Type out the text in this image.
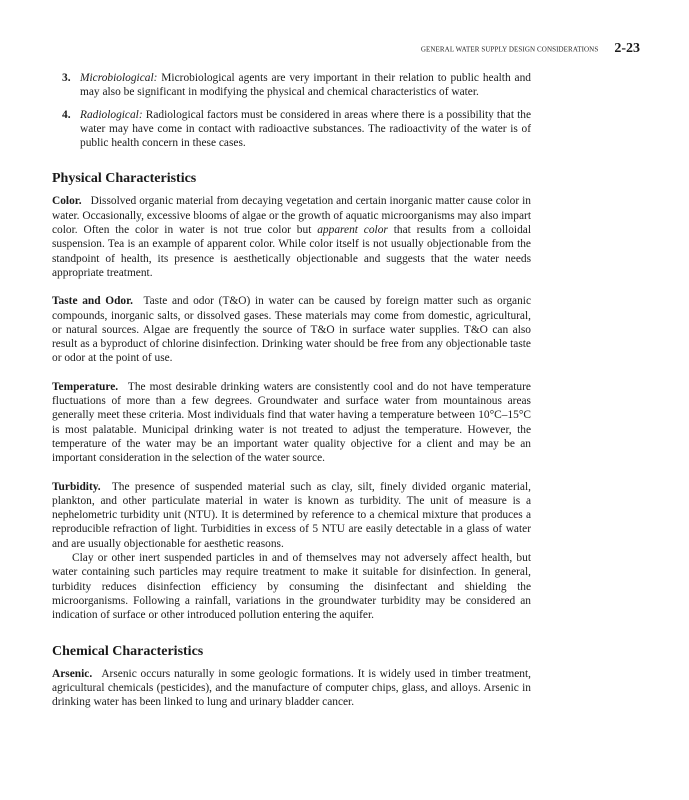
GENERAL WATER SUPPLY DESIGN CONSIDERATIONS 2-23
3. Microbiological: Microbiological agents are very important in their relation to public health and may also be significant in modifying the physical and chemical characteristics of water.

4. Radiological: Radiological factors must be considered in areas where there is a possibility that the water may have come in contact with radioactive substances. The radioactivity of the water is of public health concern in these cases.

Physical Characteristics

Color. Dissolved organic material from decaying vegetation and certain inorganic matter cause color in water. Occasionally, excessive blooms of algae or the growth of aquatic microorganisms may also impart color. Often the color in water is not true color but apparent color that results from a colloidal suspension. Tea is an example of apparent color. While color itself is not usually objectionable from the standpoint of health, its presence is aesthetically objectionable and suggests that the water needs appropriate treatment.

Taste and Odor. Taste and odor (T&O) in water can be caused by foreign matter such as organic compounds, inorganic salts, or dissolved gases. These materials may come from domestic, agricultural, or natural sources. Algae are frequently the source of T&O in surface water supplies. T&O can also result as a byproduct of chlorine disinfection. Drinking water should be free from any objectionable taste or odor at the point of use.

Temperature. The most desirable drinking waters are consistently cool and do not have temperature fluctuations of more than a few degrees. Groundwater and surface water from mountainous areas generally meet these criteria. Most individuals find that water having a temperature between 10°C–15°C is most palatable. Municipal drinking water is not treated to adjust the temperature. However, the temperature of the water may be an important water quality objective for a client and may be an important consideration in the selection of the water source.

Turbidity. The presence of suspended material such as clay, silt, finely divided organic material, plankton, and other particulate material in water is known as turbidity. The unit of measure is a nephelometric turbidity unit (NTU). It is determined by reference to a chemical mixture that produces a reproducible refraction of light. Turbidities in excess of 5 NTU are easily detectable in a glass of water and are usually objectionable for aesthetic reasons.

Clay or other inert suspended particles in and of themselves may not adversely affect health, but water containing such particles may require treatment to make it suitable for disinfection. In general, turbidity reduces disinfection efficiency by consuming the disinfectant and shielding the microorganisms. Following a rainfall, variations in the groundwater turbidity may be considered an indication of surface or other introduced pollution entering the aquifer.

Chemical Characteristics

Arsenic. Arsenic occurs naturally in some geologic formations. It is widely used in timber treatment, agricultural chemicals (pesticides), and the manufacture of computer chips, glass, and alloys. Arsenic in drinking water has been linked to lung and urinary bladder cancer.
